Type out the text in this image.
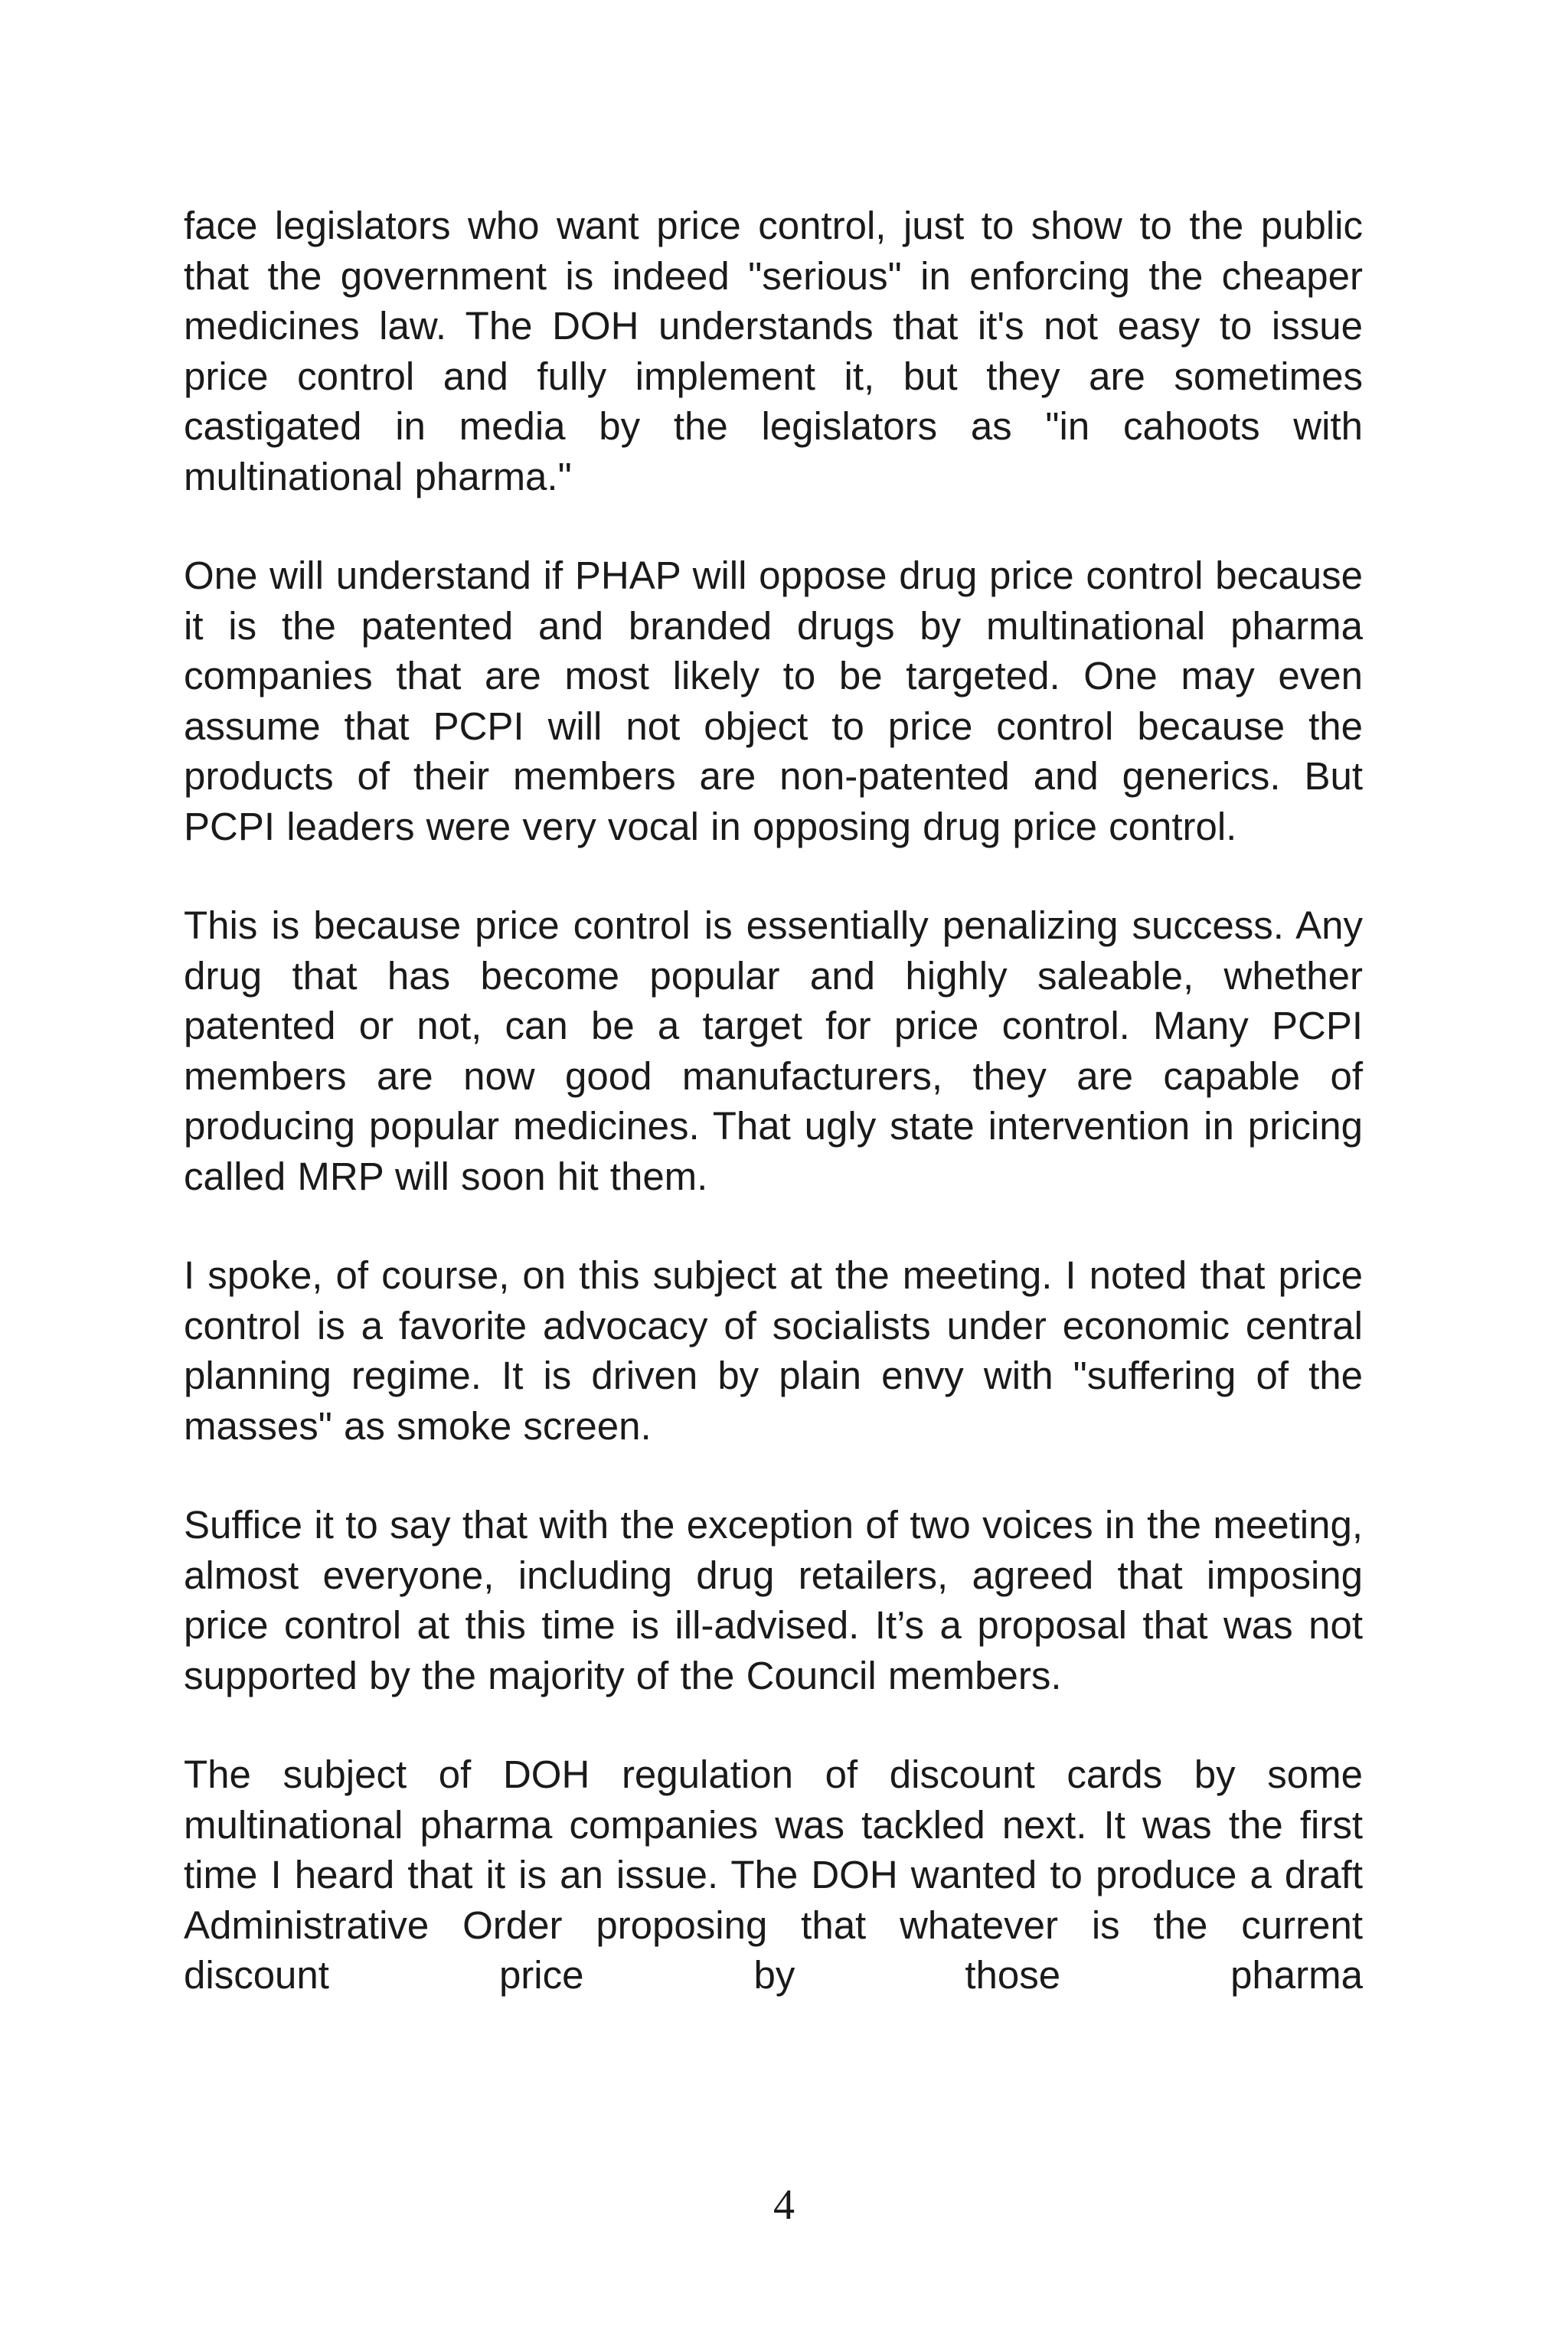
face legislators who want price control, just to show to the public that the government is indeed "serious" in enforcing the cheaper medicines law. The DOH understands that it's not easy to issue price control and fully implement it, but they are sometimes castigated in media by the legislators as "in cahoots with multinational pharma."

One will understand if PHAP will oppose drug price control because it is the patented and branded drugs by multinational pharma companies that are most likely to be targeted. One may even assume that PCPI will not object to price control because the products of their members are non-patented and generics. But PCPI leaders were very vocal in opposing drug price control.

This is because price control is essentially penalizing success. Any drug that has become popular and highly saleable, whether patented or not, can be a target for price control. Many PCPI members are now good manufacturers, they are capable of producing popular medicines. That ugly state intervention in pricing called MRP will soon hit them.

I spoke, of course, on this subject at the meeting. I noted that price control is a favorite advocacy of socialists under economic central planning regime. It is driven by plain envy with "suffering of the masses" as smoke screen.

Suffice it to say that with the exception of two voices in the meeting, almost everyone, including drug retailers, agreed that imposing price control at this time is ill-advised. It’s a proposal that was not supported by the majority of the Council members.

The subject of DOH regulation of discount cards by some multinational pharma companies was tackled next. It was the first time I heard that it is an issue. The DOH wanted to produce a draft Administrative Order proposing that whatever is the current discount price by those pharma

4
